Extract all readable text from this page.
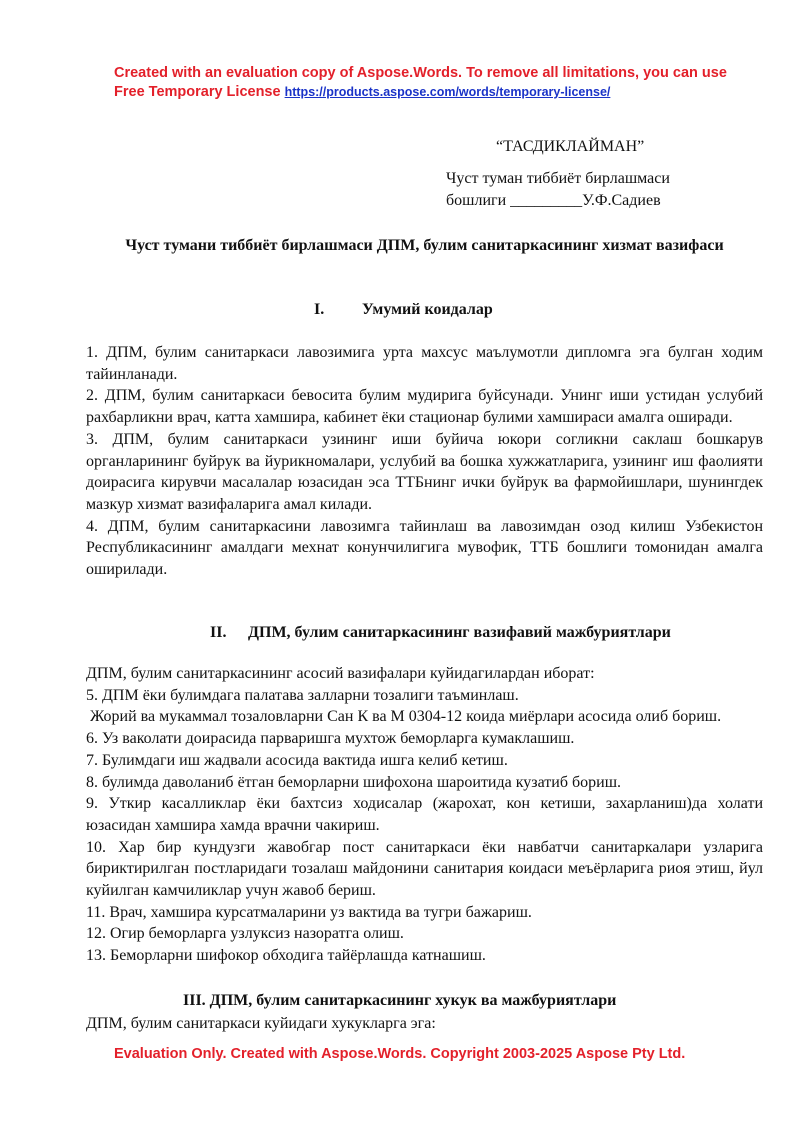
Created with an evaluation copy of Aspose.Words. To remove all limitations, you can use Free Temporary License https://products.aspose.com/words/temporary-license/
“ТАСДИКЛАЙМАН”
Чуст туман тиббиёт бирлашмаси
бошлиги _________У.Ф.Садиев
Чуст тумани тиббиёт бирлашмаси ДПМ, булим санитаркасининг хизмат вазифаси
I. Умумий коидалар

1. ДПМ, булим санитаркаси лавозимига урта махсус маълумотли дипломга эга булган ходим тайинланади.

2. ДПМ, булим санитаркаси бевосита булим мудирига буйсунади. Унинг иши устидан услубий рахбарликни врач, катта хамшира, кабинет ёки стационар булими хамшираси амалга оширади.

3. ДПМ, булим санитаркаси узининг иши буйича юкори согликни саклаш бошкарув органларининг буйрук ва йурикномалари, услубий ва бошка хужжатларига, узининг иш фаолияти доирасига кирувчи масалалар юзасидан эса ТТБнинг ички буйрук ва фармойишлари, шунингдек мазкур хизмат вазифаларига амал килади.

4. ДПМ, булим санитаркасини лавозимга тайинлаш ва лавозимдан озод килиш Узбекистон Республикасининг амалдаги мехнат конунчилигига мувофик, ТТБ бошлиги томонидан амалга оширилади.

II. ДПМ, булим санитаркасининг вазифавий мажбуриятлари

ДПМ, булим санитаркасининг асосий вазифалари куйидагилардан иборат:

5. ДПМ ёки булимдага палатава залларни тозалиги таъминлаш.

Жорий ва мукаммал тозаловларни Сан К ва М 0304-12 коида миёрлари асосида олиб бориш.

6. Уз ваколати доирасида парваришга мухтож беморларга кумаклашиш.

7. Булимдаги иш жадвали асосида вактида ишга келиб кетиш.

8. булимда даволаниб ётган беморларни шифохона шароитида кузатиб бориш.

9. Уткир касалликлар ёки бахтсиз ходисалар (жарохат, кон кетиши, захарланиш)да холати юзасидан хамшира хамда врачни чакириш.

10. Хар бир кундузги жавобгар пост санитаркаси ёки навбатчи санитаркалари узларига бириктирилган постларидаги тозалаш майдонини санитария коидаси меъёрларига риоя этиш, йул куйилган камчиликлар учун жавоб бериш.

11. Врач, хамшира курсатмаларини уз вактида ва тугри бажариш.

12. Огир беморларга узлуксиз назоратга олиш.

13. Беморларни шифокор обходига тайёрлашда катнашиш.

III. ДПМ, булим санитаркасининг хукук ва мажбуриятлари

ДПМ, булим санитаркаси куйидаги хукукларга эга:

Evaluation Only. Created with Aspose.Words. Copyright 2003-2025 Aspose Pty Ltd.
